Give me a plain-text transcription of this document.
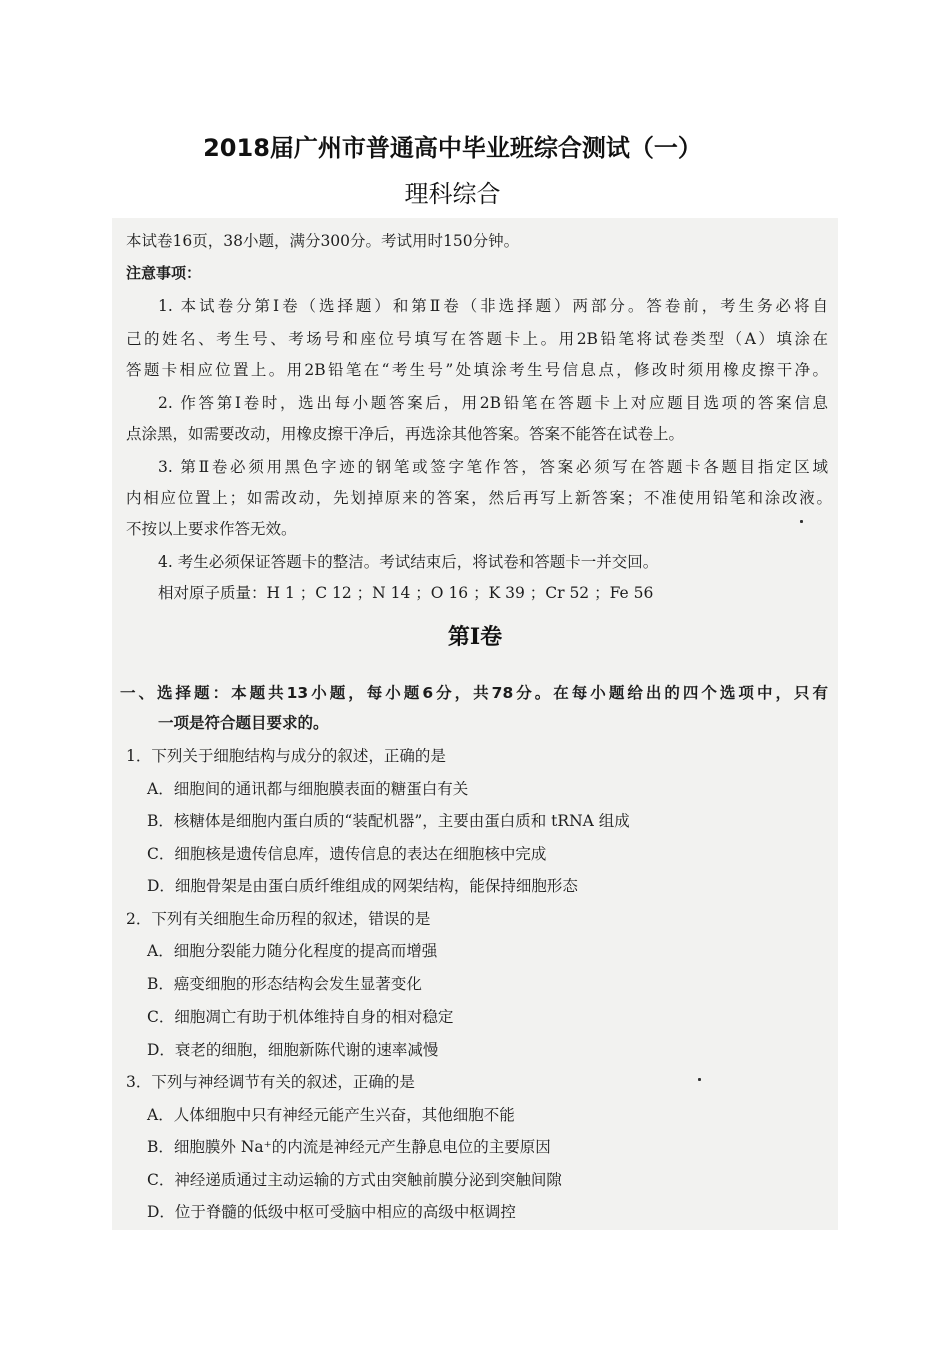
2018届广州市普通高中毕业班综合测试（一）
理科综合
本试卷16页，38小题，满分300分。考试用时150分钟。
注意事项：
1. 本试卷分第Ⅰ卷（选择题）和第Ⅱ卷（非选择题）两部分。答卷前，考生务必将自
己的姓名、考生号、考场号和座位号填写在答题卡上。用2B铅笔将试卷类型（A）填涂在
答题卡相应位置上。用2B铅笔在“考生号”处填涂考生号信息点，修改时须用橡皮擦干净。
2. 作答第Ⅰ卷时，选出每小题答案后，用2B铅笔在答题卡上对应题目选项的答案信息
点涂黑，如需要改动，用橡皮擦干净后，再选涂其他答案。答案不能答在试卷上。
3. 第Ⅱ卷必须用黑色字迹的钢笔或签字笔作答，答案必须写在答题卡各题目指定区域
内相应位置上；如需改动，先划掉原来的答案，然后再写上新答案；不准使用铅笔和涂改液。
不按以上要求作答无效。
4. 考生必须保证答题卡的整洁。考试结束后，将试卷和答题卡一并交回。
相对原子质量：H 1 ；C 12 ；N 14 ；O 16 ；K 39 ；Cr 52 ；Fe 56
第Ⅰ卷
一、选择题：本题共13小题，每小题6分，共78分。在每小题给出的四个选项中，只有
一项是符合题目要求的。
1．下列关于细胞结构与成分的叙述，正确的是
A．细胞间的通讯都与细胞膜表面的糖蛋白有关
B．核糖体是细胞内蛋白质的“装配机器”，主要由蛋白质和 tRNA 组成
C．细胞核是遗传信息库，遗传信息的表达在细胞核中完成
D．细胞骨架是由蛋白质纤维组成的网架结构，能保持细胞形态
2．下列有关细胞生命历程的叙述，错误的是
A．细胞分裂能力随分化程度的提高而增强
B．癌变细胞的形态结构会发生显著变化
C．细胞凋亡有助于机体维持自身的相对稳定
D．衰老的细胞，细胞新陈代谢的速率减慢
3．下列与神经调节有关的叙述，正确的是
A．人体细胞中只有神经元能产生兴奋，其他细胞不能
B．细胞膜外 Na⁺的内流是神经元产生静息电位的主要原因
C．神经递质通过主动运输的方式由突触前膜分泌到突触间隙
D．位于脊髓的低级中枢可受脑中相应的高级中枢调控
